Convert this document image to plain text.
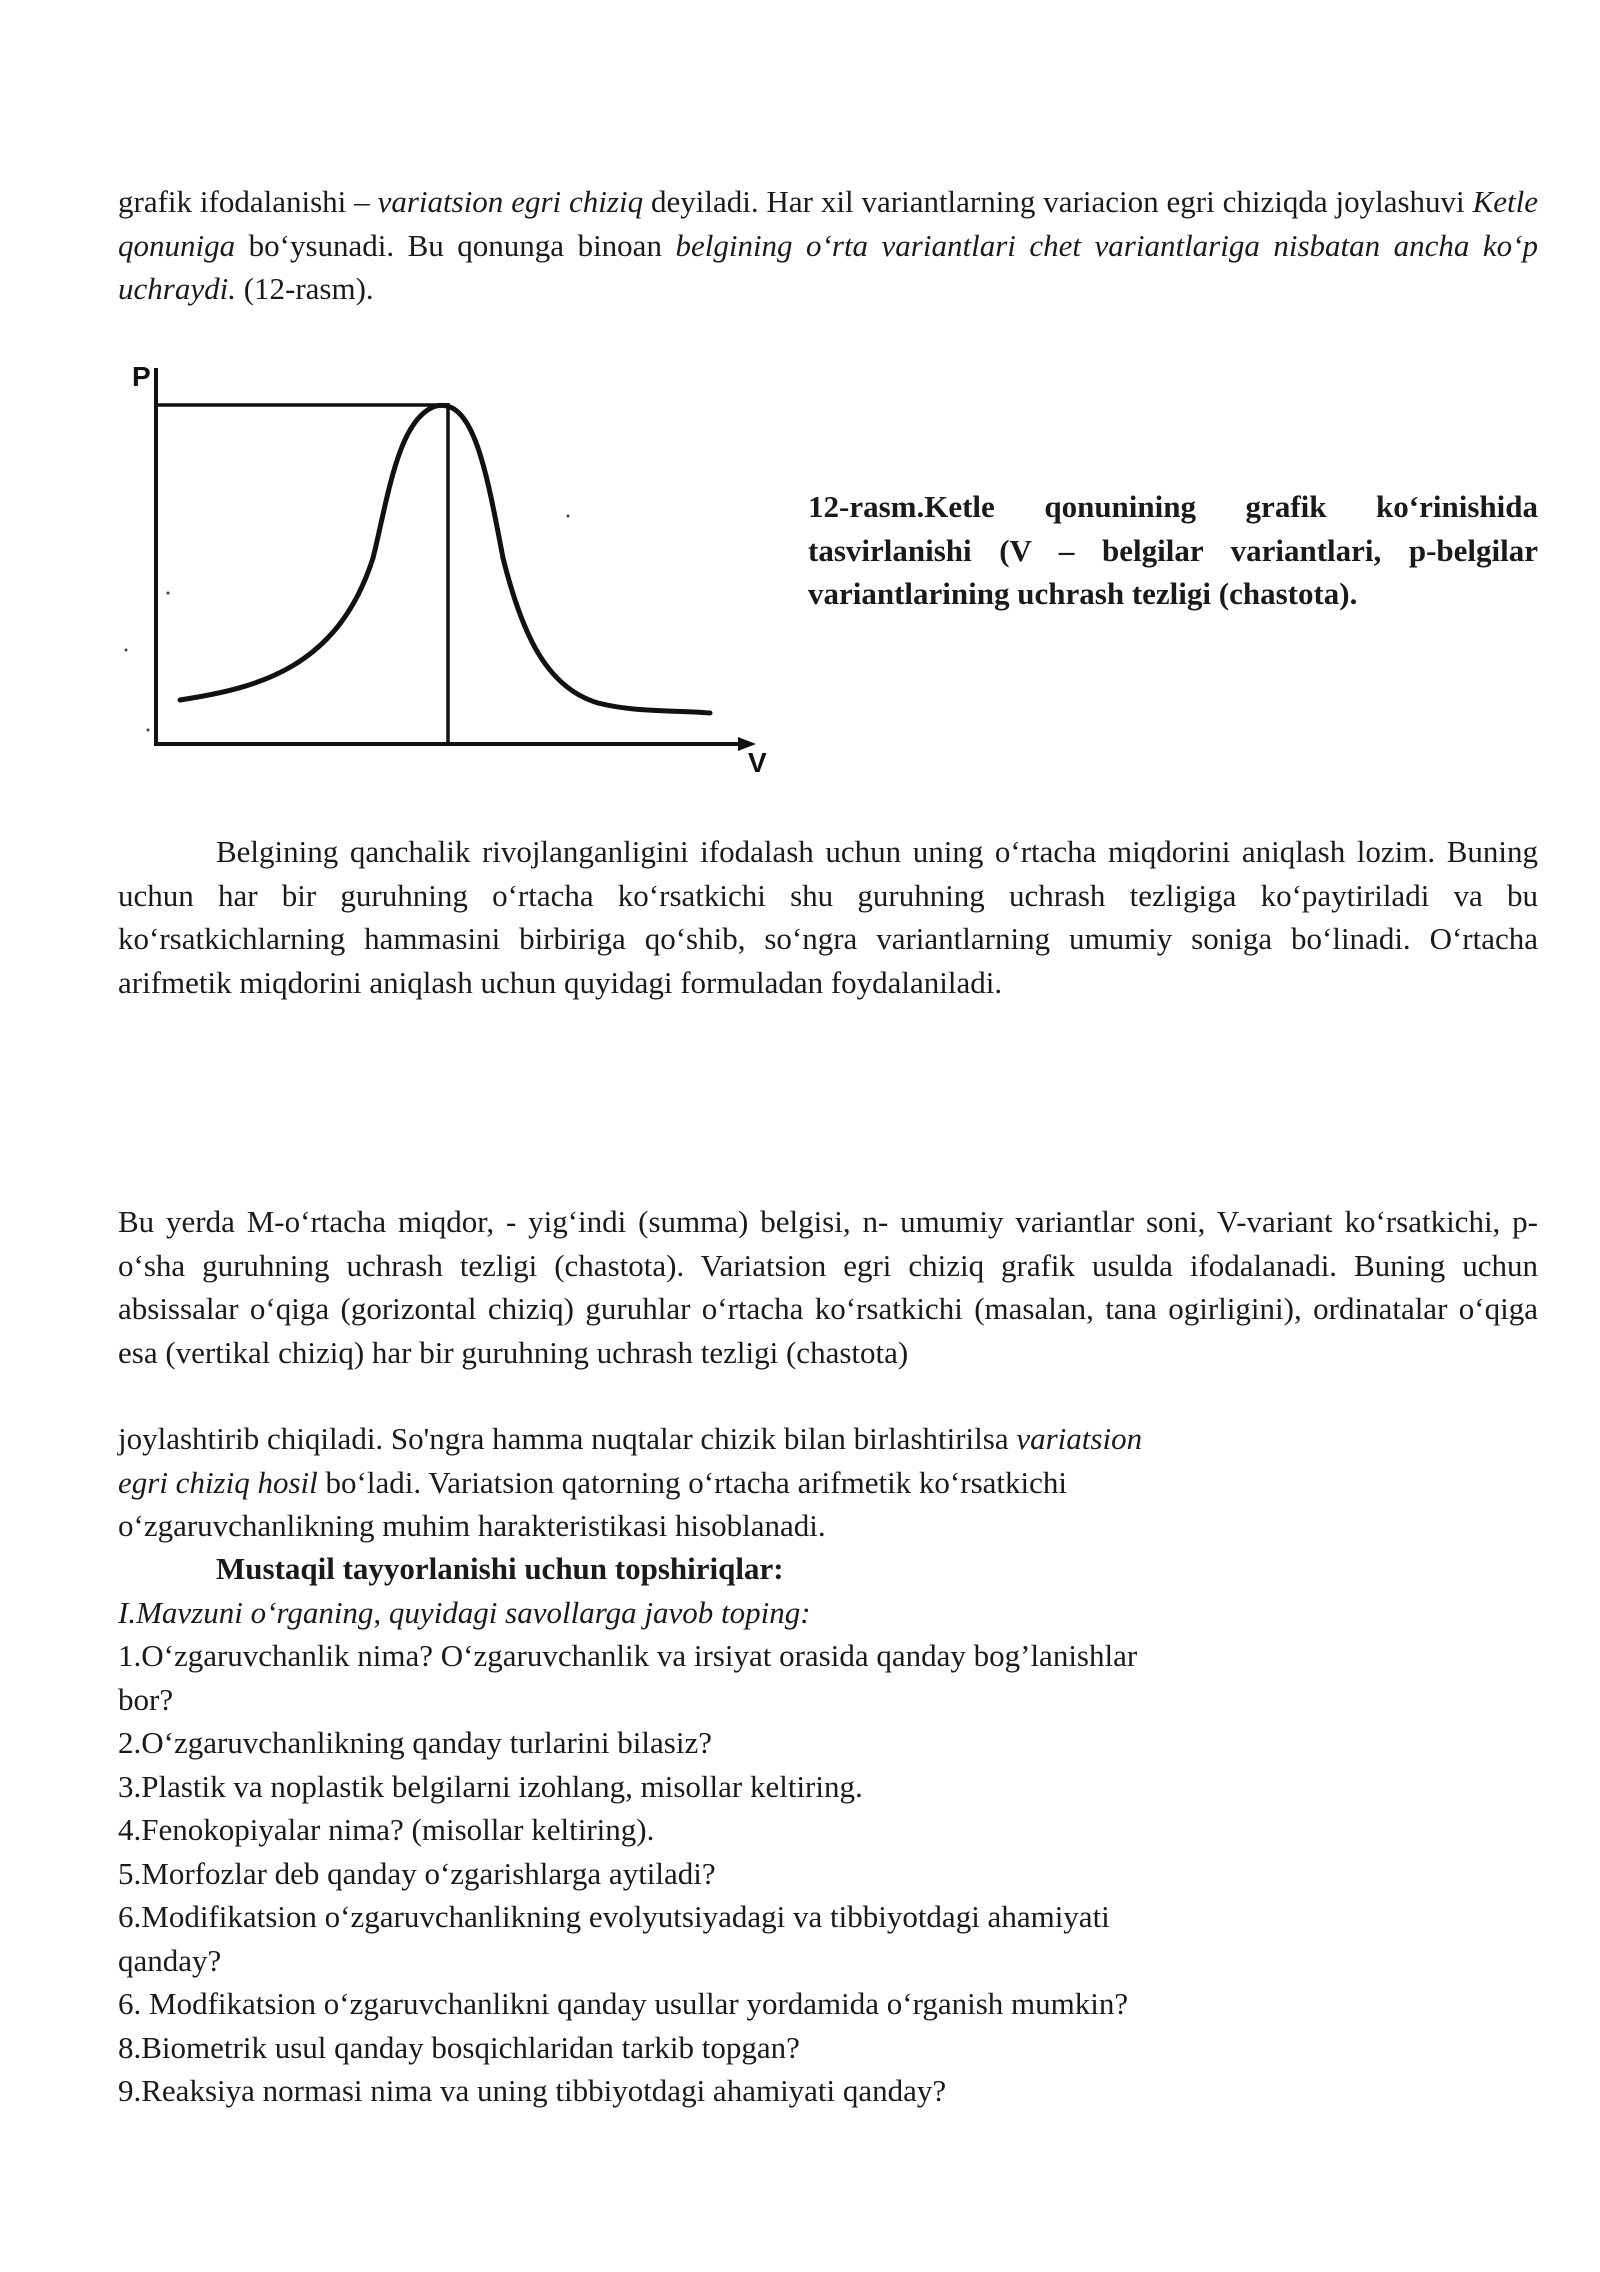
grafik ifodalanishi – variatsion egri chiziq deyiladi. Har xil variantlarning variacion egri chiziqda joylashuvi Ketle qonuniga bo‘ysunadi. Bu qonunga binoan belgining o‘rta variantlari chet variantlariga nisbatan ancha ko‘p uchraydi. (12-rasm).
P
V
12-rasm.Ketle qonunining grafik ko‘rinishida tasvirlanishi (V – belgilar variantlari, p-belgilar variantlarining uchrash tezligi (chastota).
Belgining qanchalik rivojlanganligini ifodalash uchun uning o‘rtacha miqdorini aniqlash lozim. Buning uchun har bir guruhning o‘rtacha ko‘rsatkichi shu guruhning uchrash tezligiga ko‘paytiriladi va bu ko‘rsatkichlarning hammasini birbiriga qo‘shib, so‘ngra variantlarning umumiy soniga bo‘linadi. O‘rtacha arifmetik miqdorini aniqlash uchun quyidagi formuladan foydalaniladi.
Bu yerda M-o‘rtacha miqdor, - yig‘indi (summa) belgisi, n- umumiy variantlar soni, V-variant ko‘rsatkichi, p- o‘sha guruhning uchrash tezligi (chastota). Variatsion egri chiziq grafik usulda ifodalanadi. Buning uchun absissalar o‘qiga (gorizontal chiziq) guruhlar o‘rtacha ko‘rsatkichi (masalan, tana ogirligini), ordinatalar o‘qiga esa (vertikal chiziq) har bir guruhning uchrash tezligi (chastota)
joylashtirib chiqiladi. So'ngra hamma nuqtalar chizik bilan birlashtirilsa variatsion
egri chiziq hosil bo‘ladi. Variatsion qatorning o‘rtacha arifmetik ko‘rsatkichi
o‘zgaruvchanlikning muhim harakteristikasi hisoblanadi.
Mustaqil tayyorlanishi uchun topshiriqlar:
I.Mavzuni o‘rganing, quyidagi savollarga javob toping:
1.O‘zgaruvchanlik nima? O‘zgaruvchanlik va irsiyat orasida qanday bog’lanishlar
bor?
2.O‘zgaruvchanlikning qanday turlarini bilasiz?
3.Plastik va noplastik belgilarni izohlang, misollar keltiring.
4.Fenokopiyalar nima? (misollar keltiring).
5.Morfozlar deb qanday o‘zgarishlarga aytiladi?
6.Modifikatsion o‘zgaruvchanlikning evolyutsiyadagi va tibbiyotdagi ahamiyati
qanday?
6. Modfikatsion o‘zgaruvchanlikni qanday usullar yordamida o‘rganish mumkin?
8.Biometrik usul qanday bosqichlaridan tarkib topgan?
9.Reaksiya normasi nima va uning tibbiyotdagi ahamiyati qanday?
